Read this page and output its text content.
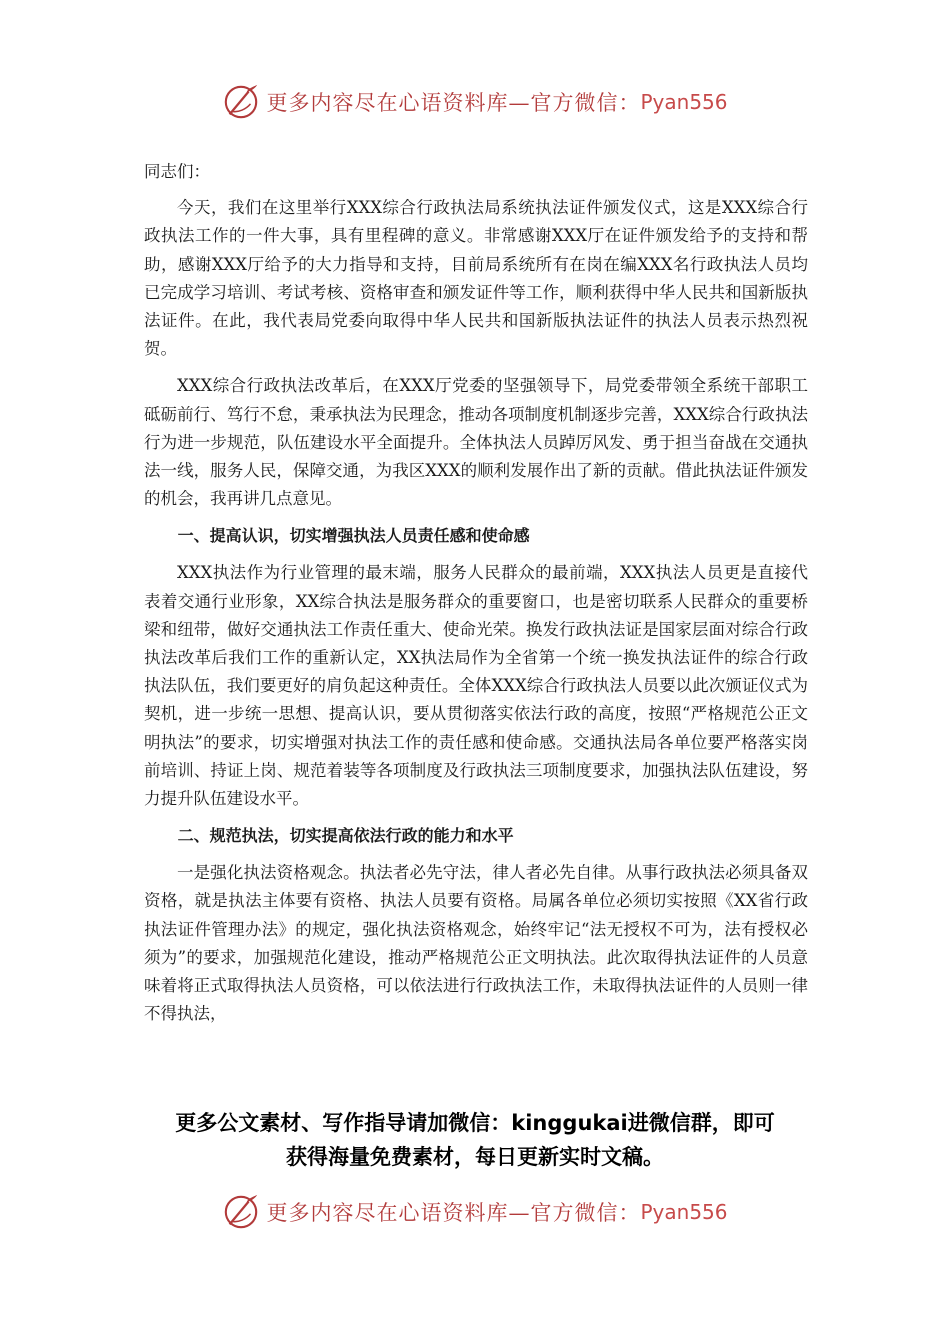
更多内容尽在心语资料库—官方微信： Pyan556

同志们：

今天，我们在这里举行XXX综合行政执法局系统执法证件颁发仪式，这是XXX综合行政执法工作的一件大事，具有里程碑的意义。非常感谢XXX厅在证件颁发给予的支持和帮助，感谢XXX厅给予的大力指导和支持，目前局系统所有在岗在编XXX名行政执法人员均已完成学习培训、考试考核、资格审查和颁发证件等工作，顺利获得中华人民共和国新版执法证件。在此，我代表局党委向取得中华人民共和国新版执法证件的执法人员表示热烈祝贺。

XXX综合行政执法改革后，在XXX厅党委的坚强领导下，局党委带领全系统干部职工砥砺前行、笃行不怠，秉承执法为民理念，推动各项制度机制逐步完善，XXX综合行政执法行为进一步规范，队伍建设水平全面提升。全体执法人员踔厉风发、勇于担当奋战在交通执法一线，服务人民，保障交通，为我区XXX的顺利发展作出了新的贡献。借此执法证件颁发的机会，我再讲几点意见。

一、提高认识，切实增强执法人员责任感和使命感

XXX执法作为行业管理的最末端，服务人民群众的最前端，XXX执法人员更是直接代表着交通行业形象，XX综合执法是服务群众的重要窗口，也是密切联系人民群众的重要桥梁和纽带，做好交通执法工作责任重大、使命光荣。换发行政执法证是国家层面对综合行政执法改革后我们工作的重新认定，XX执法局作为全省第一个统一换发执法证件的综合行政执法队伍，我们要更好的肩负起这种责任。全体XXX综合行政执法人员要以此次颁证仪式为契机，进一步统一思想、提高认识，要从贯彻落实依法行政的高度，按照“严格规范公正文明执法”的要求，切实增强对执法工作的责任感和使命感。交通执法局各单位要严格落实岗前培训、持证上岗、规范着装等各项制度及行政执法三项制度要求，加强执法队伍建设，努力提升队伍建设水平。

二、规范执法，切实提高依法行政的能力和水平

一是强化执法资格观念。执法者必先守法，律人者必先自律。从事行政执法必须具备双资格，就是执法主体要有资格、执法人员要有资格。局属各单位必须切实按照《XX省行政执法证件管理办法》的规定，强化执法资格观念，始终牢记“法无授权不可为，法有授权必须为”的要求，加强规范化建设，推动严格规范公正文明执法。此次取得执法证件的人员意味着将正式取得执法人员资格，可以依法进行行政执法工作，未取得执法证件的人员则一律不得执法，

更多公文素材、写作指导请加微信：kinggukai进微信群，即可
获得海量免费素材，每日更新实时文稿。
更多内容尽在心语资料库—官方微信： Pyan556
